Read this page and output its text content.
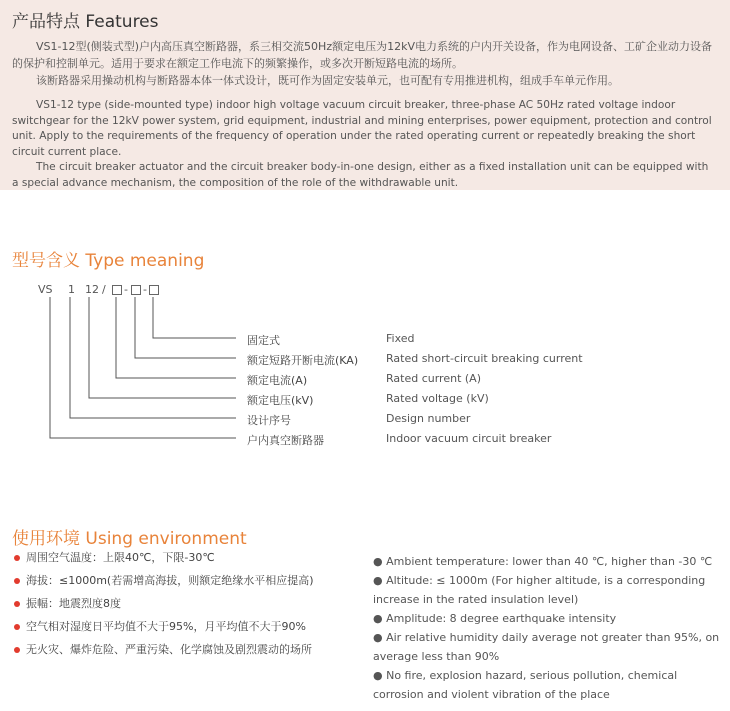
产品特点 Features

VS1-12型(侧装式型)户内高压真空断路器，系三相交流50Hz额定电压为12kV电力系统的户内开关设备，作为电网设备、工矿企业动力设备的保护和控制单元。适用于要求在额定工作电流下的频繁操作，或多次开断短路电流的场所。

该断路器采用操动机构与断路器本体一体式设计，既可作为固定安装单元，也可配有专用推进机构，组成手车单元作用。

VS1-12 type (side-mounted type) indoor high voltage vacuum circuit breaker, three-phase AC 50Hz rated voltage indoor switchgear for the 12kV power system, grid equipment, industrial and mining enterprises, power equipment, protection and control unit. Apply to the requirements of the frequency of operation under the rated operating current or repeatedly breaking the short circuit current place.

The circuit breaker actuator and the circuit breaker body-in-one design, either as a fixed installation unit can be equipped with a special advance mechanism, the composition of the role of the withdrawable unit.

型号含义 Type meaning
VS 1 12 / - -
固定式	Fixed
额定短路开断电流(KA)	Rated short-circuit breaking current
额定电流(A)	Rated current (A)
额定电压(kV)	Rated voltage (kV)
设计序号	Design number
户内真空断路器	Indoor vacuum circuit breaker
使用环境 Using environment
周围空气温度：上限40℃，下限-30℃
海拔：≤1000m(若需增高海拔，则额定绝缘水平相应提高)
振幅：地震烈度8度
空气相对湿度日平均值不大于95%，月平均值不大于90%
无火灾、爆炸危险、严重污染、化学腐蚀及剧烈震动的场所

● Ambient temperature: lower than 40 ℃, higher than -30 ℃

● Altitude: ≤ 1000m (For higher altitude, is a corresponding increase in the rated insulation level)

● Amplitude: 8 degree earthquake intensity

● Air relative humidity daily average not greater than 95%, on average less than 90%

● No fire, explosion hazard, serious pollution, chemical corrosion and violent vibration of the place
